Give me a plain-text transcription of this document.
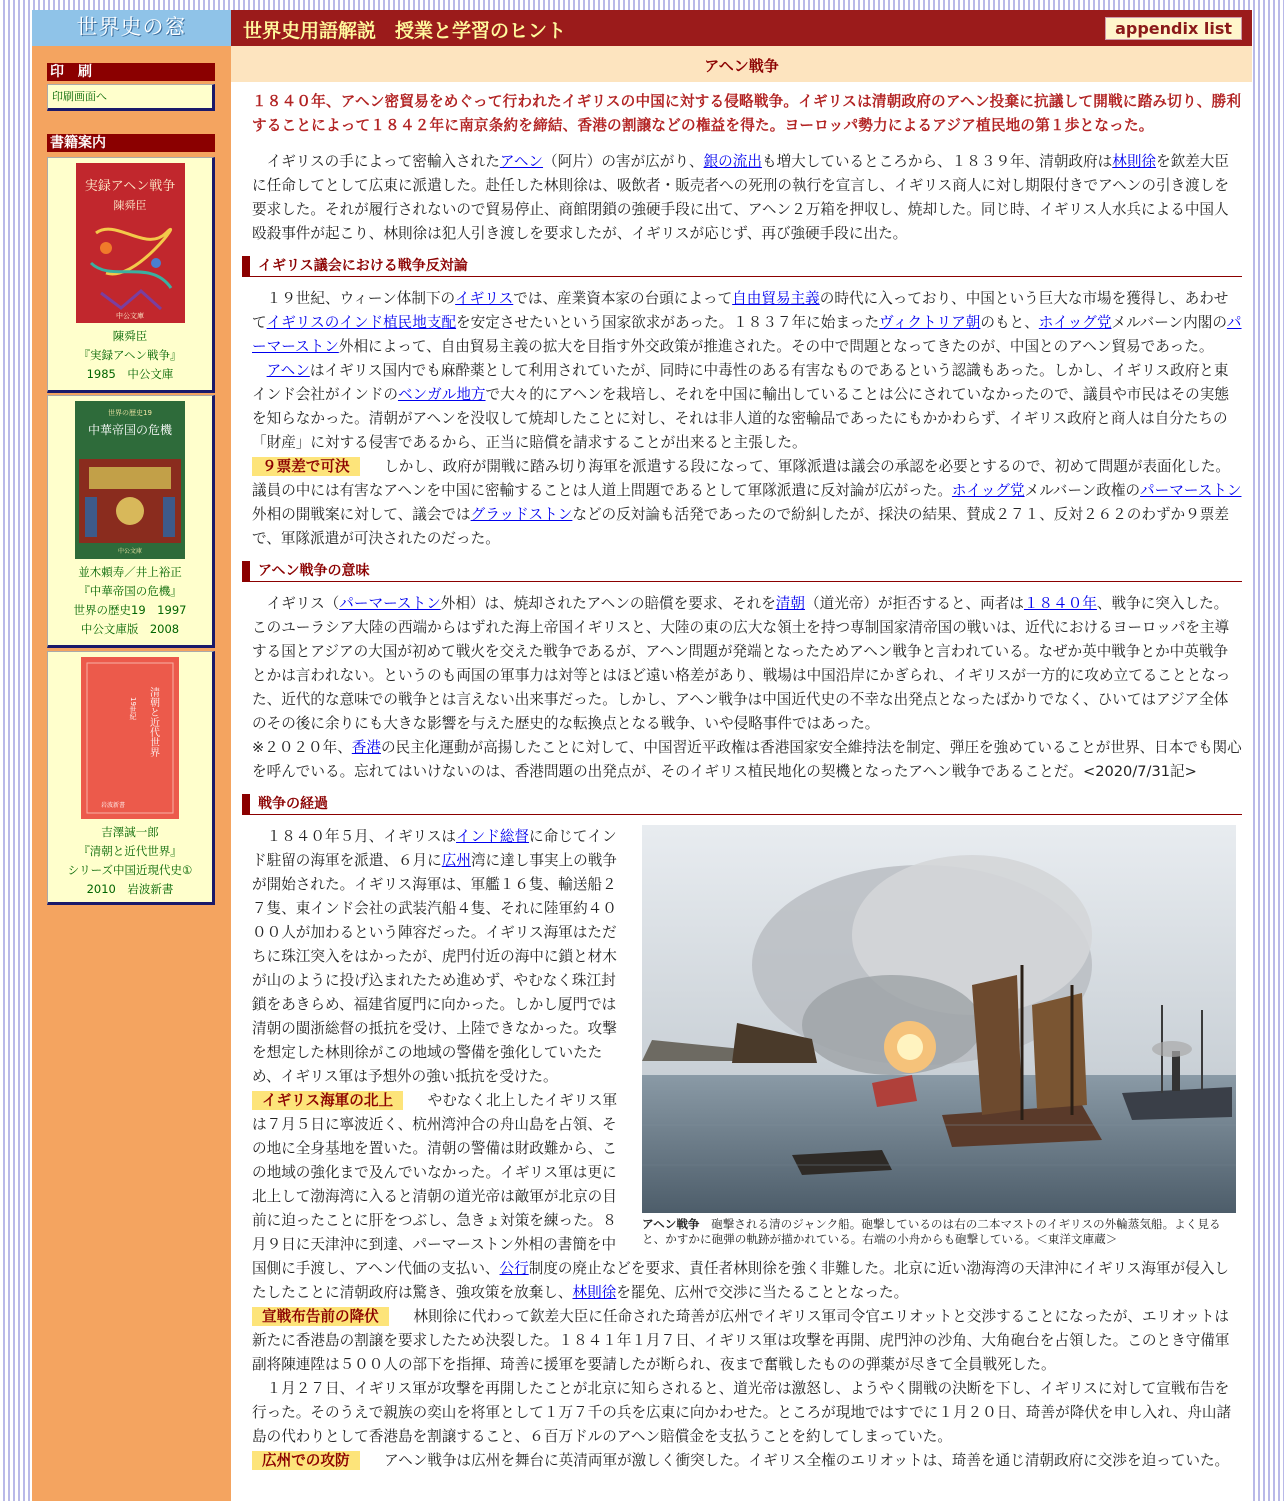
世界史の窓
印　刷
印刷画面へ
書籍案内
実録アヘン戦争
陳舜臣
中公文庫
陳舜臣
『実録アヘン戦争』
1985　中公文庫
世界の歴史19
中華帝国の危機
中公文庫
並木頼寿／井上裕正
『中華帝国の危機』
世界の歴史19　1997
中公文庫版　2008
清朝と近代世界
19世紀
岩波新書
吉澤誠一郎
『清朝と近代世界』
シリーズ中国近現代史①
2010　岩波新書
世界史用語解説　授業と学習のヒント	appendix list
アヘン戦争
１８４０年、アヘン密貿易をめぐって行われたイギリスの中国に対する侵略戦争。イギリスは清朝政府のアヘン投棄に抗議して開戦に踏み切り、勝利することによって１８４２年に南京条約を締結、香港の割譲などの権益を得た。ヨーロッパ勢力によるアジア植民地の第１歩となった。

　イギリスの手によって密輸入されたアヘン（阿片）の害が広がり、銀の流出も増大しているところから、１８３９年、清朝政府は林則徐を欽差大臣に任命してとして広東に派遣した。赴任した林則徐は、吸飲者・販売者への死刑の執行を宣言し、イギリス商人に対し期限付きでアヘンの引き渡しを要求した。それが履行されないので貿易停止、商館閉鎖の強硬手段に出て、アヘン２万箱を押収し、焼却した。同じ時、イギリス人水兵による中国人殴殺事件が起こり、林則徐は犯人引き渡しを要求したが、イギリスが応じず、再び強硬手段に出た。

イギリス議会における戦争反対論

　１９世紀、ウィーン体制下のイギリスでは、産業資本家の台頭によって自由貿易主義の時代に入っており、中国という巨大な市場を獲得し、あわせてイギリスのインド植民地支配を安定させたいという国家欲求があった。１８３７年に始まったヴィクトリア朝のもと、ホイッグ党メルバーン内閣のパーマーストン外相によって、自由貿易主義の拡大を目指す外交政策が推進された。その中で問題となってきたのが、中国とのアヘン貿易であった。

　アヘンはイギリス国内でも麻酔薬として利用されていたが、同時に中毒性のある有害なものであるという認識もあった。しかし、イギリス政府と東インド会社がインドのベンガル地方で大々的にアヘンを栽培し、それを中国に輸出していることは公にされていなかったので、議員や市民はその実態を知らなかった。清朝がアヘンを没収して焼却したことに対し、それは非人道的な密輸品であったにもかかわらず、イギリス政府と商人は自分たちの「財産」に対する侵害であるから、正当に賠償を請求することが出来ると主張した。

９票差で可決　しかし、政府が開戦に踏み切り海軍を派遣する段になって、軍隊派遣は議会の承認を必要とするので、初めて問題が表面化した。議員の中には有害なアヘンを中国に密輸することは人道上問題であるとして軍隊派遣に反対論が広がった。ホイッグ党メルバーン政権のパーマーストン外相の開戦案に対して、議会ではグラッドストンなどの反対論も活発であったので紛糾したが、採決の結果、賛成２７１、反対２６２のわずか９票差で、軍隊派遣が可決されたのだった。

アヘン戦争の意味

　イギリス（パーマーストン外相）は、焼却されたアヘンの賠償を要求、それを清朝（道光帝）が拒否すると、両者は１８４０年、戦争に突入した。このユーラシア大陸の西端からはずれた海上帝国イギリスと、大陸の東の広大な領土を持つ専制国家清帝国の戦いは、近代におけるヨーロッパを主導する国とアジアの大国が初めて戦火を交えた戦争であるが、アヘン問題が発端となったためアヘン戦争と言われている。なぜか英中戦争とか中英戦争とかは言われない。というのも両国の軍事力は対等とはほど遠い格差があり、戦場は中国沿岸にかぎられ、イギリスが一方的に攻め立てることとなった、近代的な意味での戦争とは言えない出来事だった。しかし、アヘン戦争は中国近代史の不幸な出発点となったばかりでなく、ひいてはアジア全体のその後に余りにも大きな影響を与えた歴史的な転換点となる戦争、いや侵略事件ではあった。

※２０２０年、香港の民主化運動が高揚したことに対して、中国習近平政権は香港国家安全維持法を制定、弾圧を強めていることが世界、日本でも関心を呼んでいる。忘れてはいけないのは、香港問題の出発点が、そのイギリス植民地化の契機となったアヘン戦争であることだ。<2020/7/31記>

戦争の経過
アヘン戦争　砲撃される清のジャンク船。砲撃しているのは右の二本マストのイギリスの外輪蒸気船。よく見ると、かすかに砲弾の軌跡が描かれている。右端の小舟からも砲撃している。＜東洋文庫蔵＞

　１８４０年５月、イギリスはインド総督に命じてインド駐留の海軍を派遣、６月に広州湾に達し事実上の戦争が開始された。イギリス海軍は、軍艦１６隻、輸送船２７隻、東インド会社の武装汽船４隻、それに陸軍約４０００人が加わるという陣容だった。イギリス海軍はただちに珠江突入をはかったが、虎門付近の海中に鎖と材木が山のように投げ込まれたため進めず、やむなく珠江封鎖をあきらめ、福建省厦門に向かった。しかし厦門では清朝の閩浙総督の抵抗を受け、上陸できなかった。攻撃を想定した林則徐がこの地域の警備を強化していたため、イギリス軍は予想外の強い抵抗を受けた。

イギリス海軍の北上　やむなく北上したイギリス軍は７月５日に寧波近く、杭州湾沖合の舟山島を占領、その地に全身基地を置いた。清朝の警備は財政難から、この地域の強化まで及んでいなかった。イギリス軍は更に北上して渤海湾に入ると清朝の道光帝は敵軍が北京の目前に迫ったことに肝をつぶし、急きょ対策を練った。８月９日に天津沖に到達、パーマーストン外相の書簡を中国側に手渡し、アヘン代価の支払い、公行制度の廃止などを要求、責任者林則徐を強く非難した。北京に近い渤海湾の天津沖にイギリス海軍が侵入したしたことに清朝政府は驚き、強攻策を放棄し、林則徐を罷免、広州で交渉に当たることとなった。

宣戦布告前の降伏　林則徐に代わって欽差大臣に任命された琦善が広州でイギリス軍司令官エリオットと交渉することになったが、エリオットは新たに香港島の割譲を要求したため決裂した。１８４１年１月７日、イギリス軍は攻撃を再開、虎門沖の沙角、大角砲台を占領した。このとき守備軍副将陳連陞は５００人の部下を指揮、琦善に援軍を要請したが断られ、夜まで奮戦したものの弾薬が尽きて全員戦死した。

　１月２７日、イギリス軍が攻撃を再開したことが北京に知らされると、道光帝は激怒し、ようやく開戦の決断を下し、イギリスに対して宣戦布告を行った。そのうえで親族の奕山を将軍として１万７千の兵を広東に向かわせた。ところが現地ではすでに１月２０日、琦善が降伏を申し入れ、舟山諸島の代わりとして香港島を割譲すること、６百万ドルのアヘン賠償金を支払うことを約してしまっていた。

広州での攻防　アヘン戦争は広州を舞台に英清両軍が激しく衝突した。イギリス全権のエリオットは、琦善を通じ清朝政府に交渉を迫っていた。
